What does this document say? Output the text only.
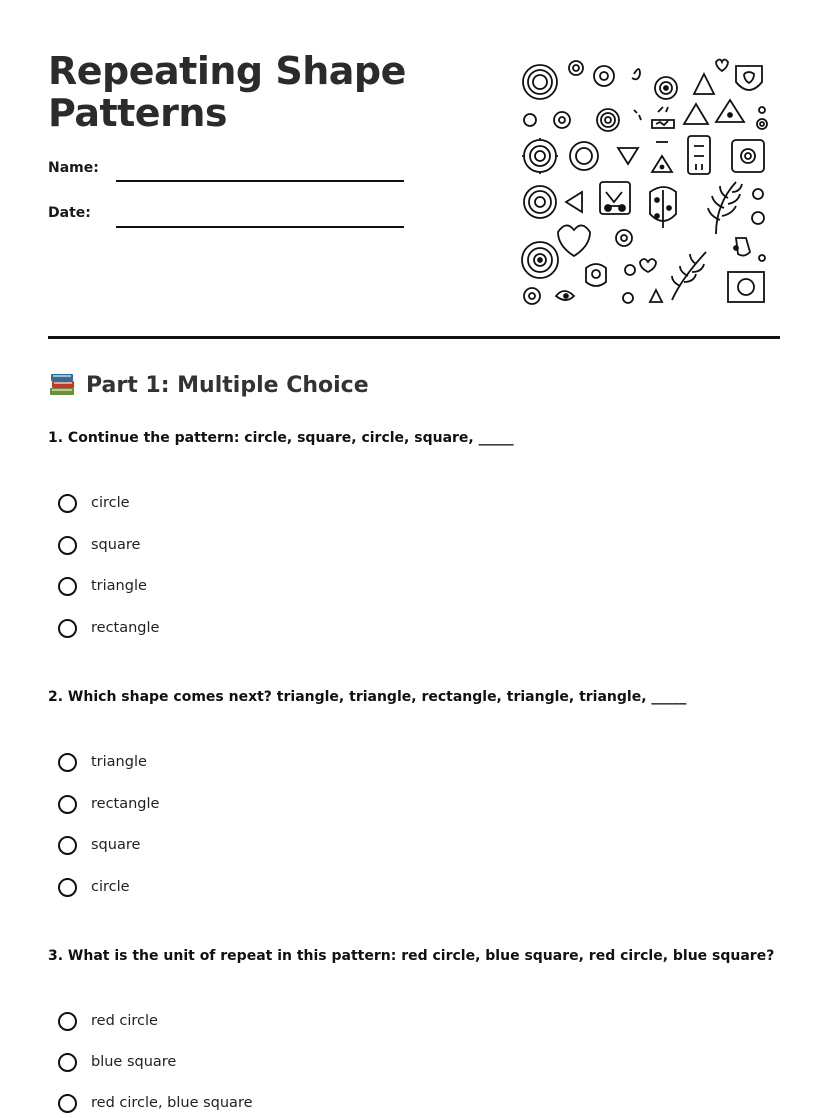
Repeating Shape Patterns
Name:
Date:
Part 1: Multiple Choice
1. Continue the pattern: circle, square, circle, square, _____
circle
square
triangle
rectangle
2. Which shape comes next? triangle, triangle, rectangle, triangle, triangle, _____
triangle
rectangle
square
circle
3. What is the unit of repeat in this pattern: red circle, blue square, red circle, blue square?
red circle
blue square
red circle, blue square
